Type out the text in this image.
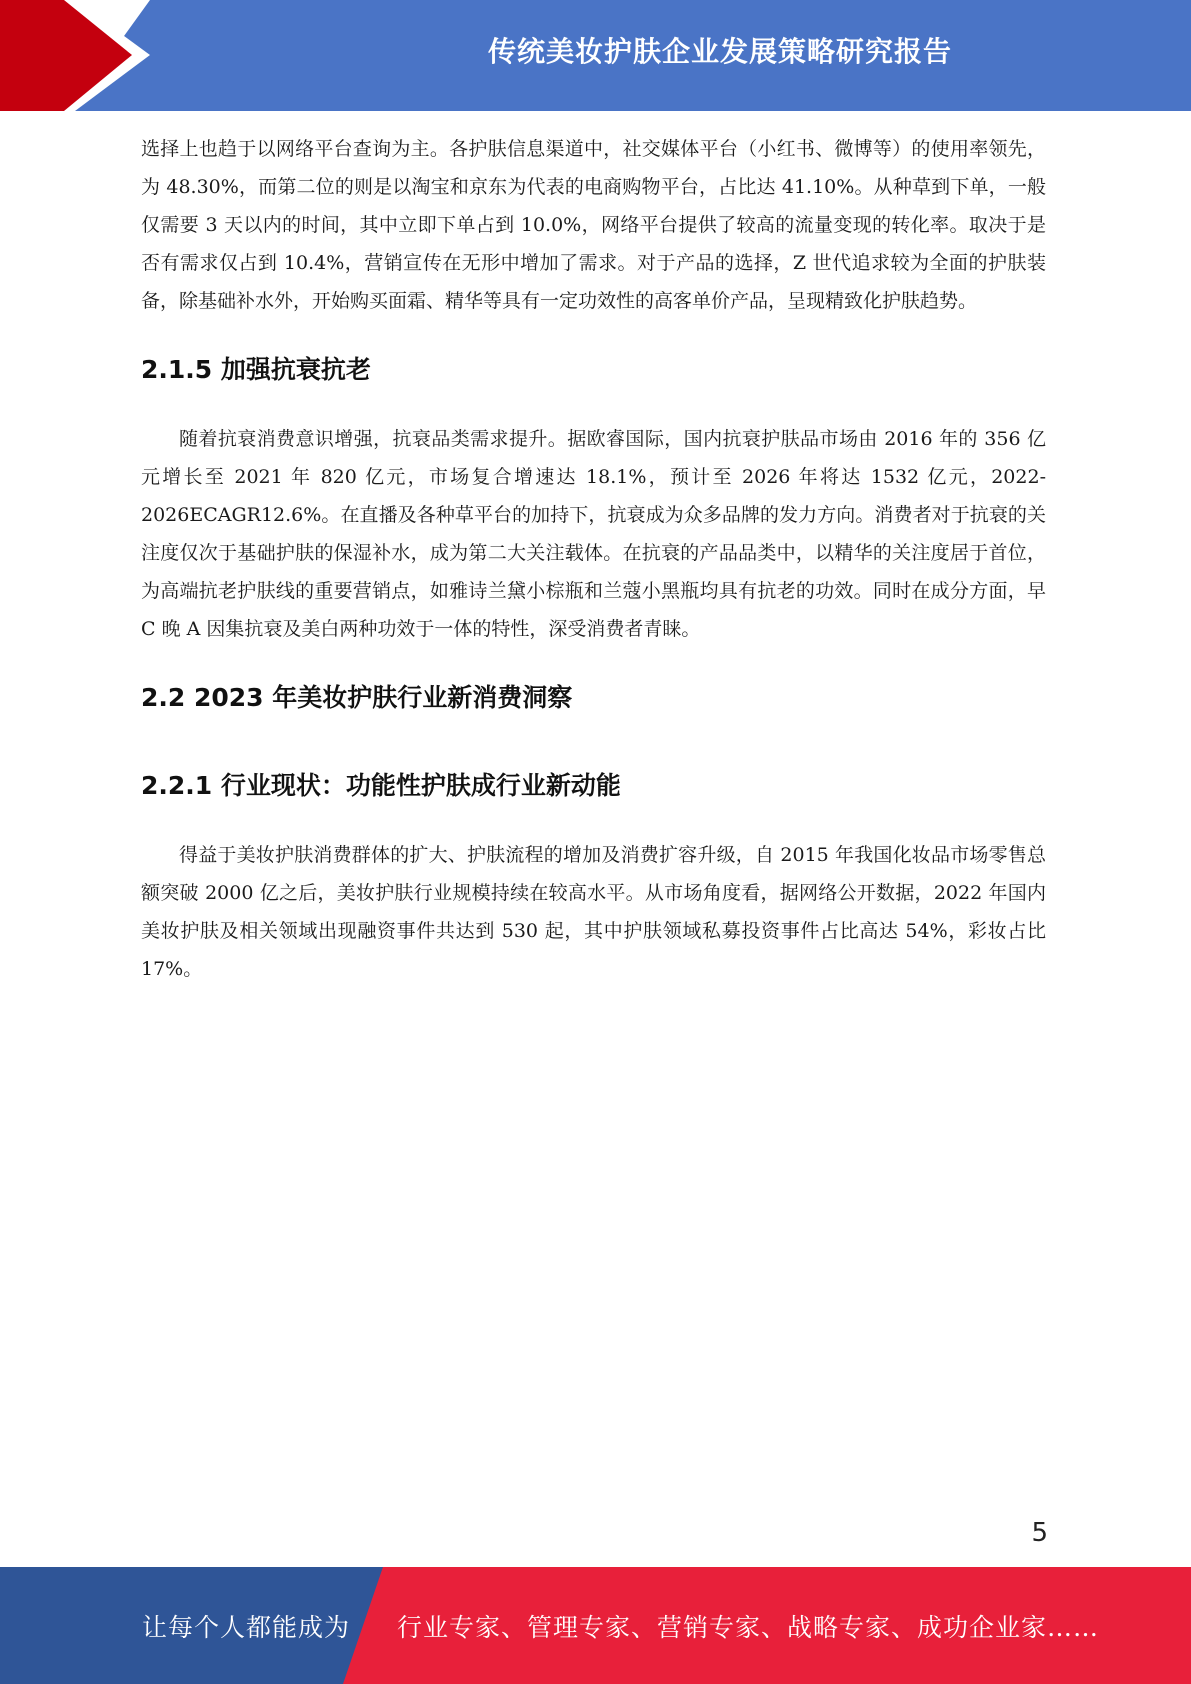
传统美妆护肤企业发展策略研究报告

选择上也趋于以网络平台查询为主。各护肤信息渠道中，社交媒体平台（小红书、微博等）的使用率领先，为 48.30%，而第二位的则是以淘宝和京东为代表的电商购物平台，占比达 41.10%。从种草到下单，一般仅需要 3 天以内的时间，其中立即下单占到 10.0%，网络平台提供了较高的流量变现的转化率。取决于是否有需求仅占到 10.4%，营销宣传在无形中增加了需求。对于产品的选择，Z 世代追求较为全面的护肤装备，除基础补水外，开始购买面霜、精华等具有一定功效性的高客单价产品，呈现精致化护肤趋势。

2.1.5 加强抗衰抗老

随着抗衰消费意识增强，抗衰品类需求提升。据欧睿国际，国内抗衰护肤品市场由 2016 年的 356 亿元增长至 2021 年 820 亿元，市场复合增速达 18.1%，预计至 2026 年将达 1532 亿元，2022-2026ECAGR12.6%。在直播及各种草平台的加持下，抗衰成为众多品牌的发力方向。消费者对于抗衰的关注度仅次于基础护肤的保湿补水，成为第二大关注载体。在抗衰的产品品类中，以精华的关注度居于首位，为高端抗老护肤线的重要营销点，如雅诗兰黛小棕瓶和兰蔻小黑瓶均具有抗老的功效。同时在成分方面，早 C 晚 A 因集抗衰及美白两种功效于一体的特性，深受消费者青睐。

2.2 2023 年美妆护肤行业新消费洞察
2.2.1 行业现状：功能性护肤成行业新动能

得益于美妆护肤消费群体的扩大、护肤流程的增加及消费扩容升级，自 2015 年我国化妆品市场零售总额突破 2000 亿之后，美妆护肤行业规模持续在较高水平。从市场角度看，据网络公开数据，2022 年国内美妆护肤及相关领域出现融资事件共达到 530 起，其中护肤领域私募投资事件占比高达 54%，彩妆占比 17%。

5
让每个人都能成为 行业专家、管理专家、营销专家、战略专家、成功企业家……
